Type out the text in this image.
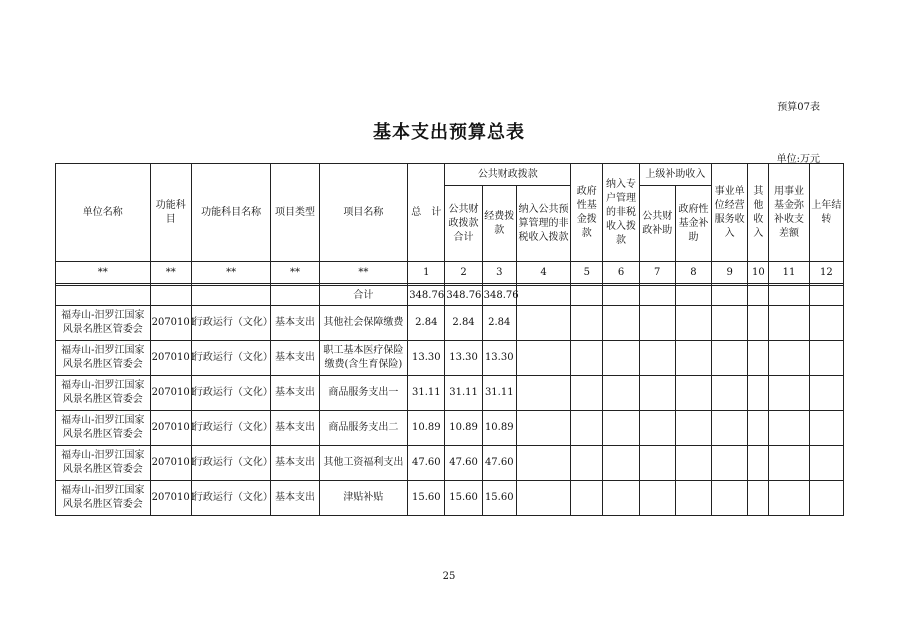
预算07表
基本支出预算总表
单位:万元
单位名称	功能科目	功能科目名称	项目类型	项目名称	总　计	公共财政拨款			政府性基金拨款	纳入专户管理的非税收入拨款	上级补助收入		事业单位经营服务收入	其他收入	用事业基金弥补收支差额	上年结转
						公共财政拨款合计	经费拨款	纳入公共预算管理的非税收入拨款			公共财政补助	政府性基金补助				
**	**	**	**	**	1	2	3	4	5	6	7	8	9	10	11	12

				合计	348.76	348.76	348.76									
福寿山-汨罗江国家风景名胜区管委会	2070101	行政运行（文化）	基本支出	其他社会保障缴费	2.84	2.84	2.84									
福寿山-汨罗江国家风景名胜区管委会	2070101	行政运行（文化）	基本支出	职工基本医疗保险缴费(含生育保险)	13.30	13.30	13.30									
福寿山-汨罗江国家风景名胜区管委会	2070101	行政运行（文化）	基本支出	商品服务支出一	31.11	31.11	31.11									
福寿山-汨罗江国家风景名胜区管委会	2070101	行政运行（文化）	基本支出	商品服务支出二	10.89	10.89	10.89									
福寿山-汨罗江国家风景名胜区管委会	2070101	行政运行（文化）	基本支出	其他工资福利支出	47.60	47.60	47.60									
福寿山-汨罗江国家风景名胜区管委会	2070101	行政运行（文化）	基本支出	津贴补贴	15.60	15.60	15.60									
25
